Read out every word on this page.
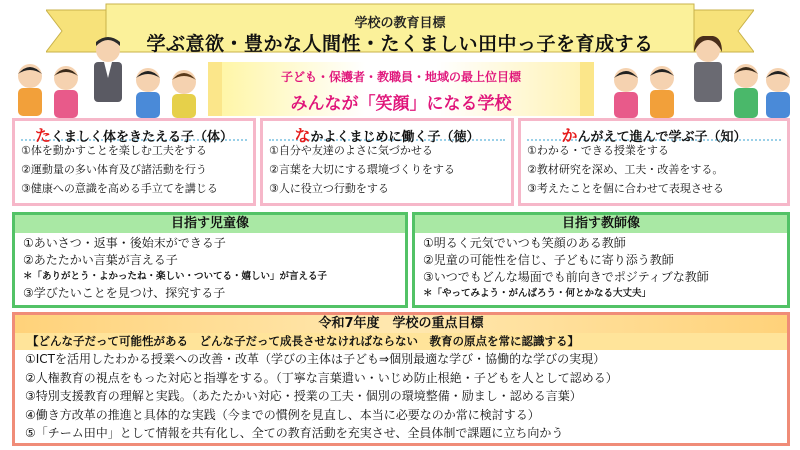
学校の教育目標
学ぶ意欲・豊かな人間性・たくましい田中っ子を育成する
子ども・保護者・教職員・地域の最上位目標
みんなが「笑顔」になる学校
たくましく体をきたえる子（体）
①体を動かすことを楽しむ工夫をする
②運動量の多い体育及び諸活動を行う
③健康への意識を高める手立てを講じる
なかよくまじめに働く子（徳）
①自分や友達のよさに気づかせる
②言葉を大切にする環境づくりをする
③人に役立つ行動をする
かんがえて進んで学ぶ子（知）
①わかる・できる授業をする
②教材研究を深め、工夫・改善をする。
③考えたことを個に合わせて表現させる
目指す児童像
①あいさつ・返事・後始末ができる子
②あたたかい言葉が言える子
＊「ありがとう・よかったね・楽しい・ついてる・嬉しい」が言える子
③学びたいことを見つけ、探究する子
目指す教師像
①明るく元気でいつも笑顔のある教師
②児童の可能性を信じ、子どもに寄り添う教師
③いつでもどんな場面でも前向きでポジティブな教師
＊「やってみよう・がんばろう・何とかなる大丈夫」
令和7年度　学校の重点目標
【どんな子だって可能性がある　どんな子だって成長させなければならない　教育の原点を常に認識する】
①ICTを活用したわかる授業への改善・改革（学びの主体は子ども⇒個別最適な学び・協働的な学びの実現）
②人権教育の視点をもった対応と指導をする。（丁寧な言葉遣い・いじめ防止根絶・子どもを人として認める）
③特別支援教育の理解と実践。（あたたかい対応・授業の工夫・個別の環境整備・励まし・認める言葉）
④働き方改革の推進と具体的な実践（今までの慣例を見直し、本当に必要なのか常に検討する）
⑤「チーム田中」として情報を共有化し、全ての教育活動を充実させ、全員体制で課題に立ち向かう
